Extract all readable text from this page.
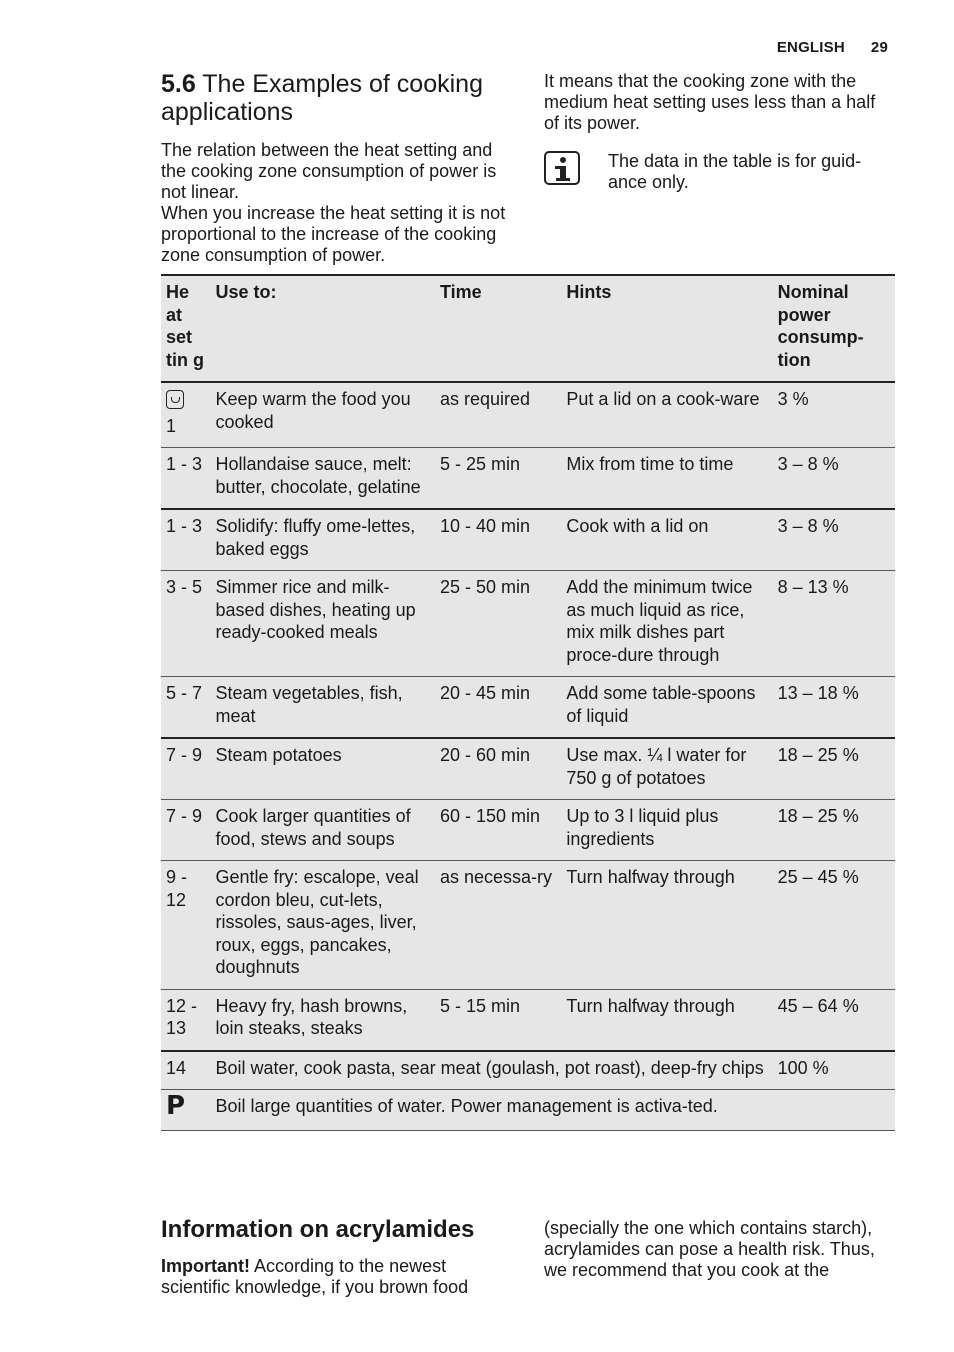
ENGLISH 29
5.6 The Examples of cooking applications

The relation between the heat setting and the cooking zone consumption of power is not linear.

When you increase the heat setting it is not proportional to the increase of the cooking zone consumption of power.

It means that the cooking zone with the medium heat setting uses less than a half of its power.

The data in the table is for guid-ance only.
He at set tin g	Use to:	Time	Hints	Nominal power consump-tion

1	Keep warm the food you cooked	as required	Put a lid on a cook-ware	3 %
1 - 3	Hollandaise sauce, melt: butter, chocolate, gelatine	5 - 25 min	Mix from time to time	3 – 8 %
1 - 3	Solidify: fluffy ome-lettes, baked eggs	10 - 40 min	Cook with a lid on	3 – 8 %
3 - 5	Simmer rice and milk-based dishes, heating up ready-cooked meals	25 - 50 min	Add the minimum twice as much liquid as rice, mix milk dishes part proce-dure through	8 – 13 %
5 - 7	Steam vegetables, fish, meat	20 - 45 min	Add some table-spoons of liquid	13 – 18 %
7 - 9	Steam potatoes	20 - 60 min	Use max. ¼ l water for 750 g of potatoes	18 – 25 %
7 - 9	Cook larger quantities of food, stews and soups	60 - 150 min	Up to 3 l liquid plus ingredients	18 – 25 %
9 - 12	Gentle fry: escalope, veal cordon bleu, cut-lets, rissoles, saus-ages, liver, roux, eggs, pancakes, doughnuts	as necessa-ry	Turn halfway through	25 – 45 %
12 - 13	Heavy fry, hash browns, loin steaks, steaks	5 - 15 min	Turn halfway through	45 – 64 %
14	Boil water, cook pasta, sear meat (goulash, pot roast), deep-fry chips			100 %
P	Boil large quantities of water. Power management is activa-ted.			
Information on acrylamides

Important! According to the newest scientific knowledge, if you brown food

(specially the one which contains starch), acrylamides can pose a health risk. Thus, we recommend that you cook at the
